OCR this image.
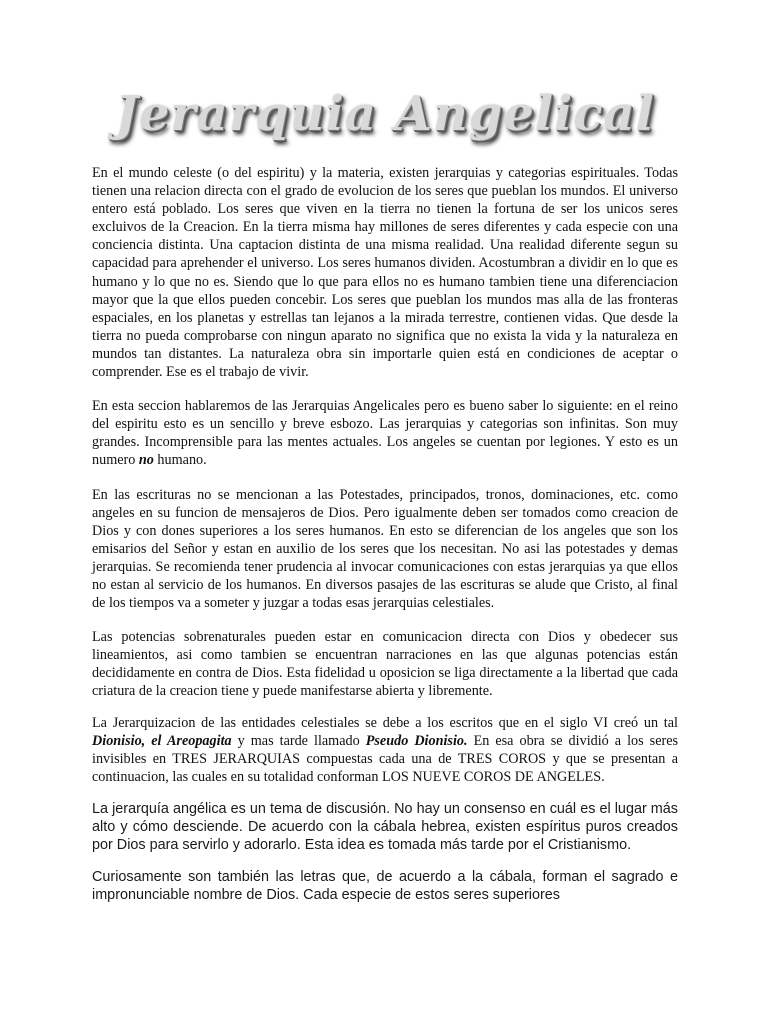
Jerarquia Angelical

En el mundo celeste (o del espiritu) y la materia, existen jerarquias y categorias espirituales. Todas tienen una relacion directa con el grado de evolucion de los seres que pueblan los mundos. El universo entero está poblado. Los seres que viven en la tierra no tienen la fortuna de ser los unicos seres excluivos de la Creacion. En la tierra misma hay millones de seres diferentes y cada especie con una conciencia distinta. Una captacion distinta de una misma realidad. Una realidad diferente segun su capacidad para aprehender el universo. Los seres humanos dividen. Acostumbran a dividir en lo que es humano y lo que no es. Siendo que lo que para ellos no es humano tambien tiene una diferenciacion mayor que la que ellos pueden concebir. Los seres que pueblan los mundos mas alla de las fronteras espaciales, en los planetas y estrellas tan lejanos a la mirada terrestre, contienen vidas. Que desde la tierra no pueda comprobarse con ningun aparato no significa que no exista la vida y la naturaleza en mundos tan distantes. La naturaleza obra sin importarle quien está en condiciones de aceptar o comprender. Ese es el trabajo de vivir.

En esta seccion hablaremos de las Jerarquias Angelicales pero es bueno saber lo siguiente: en el reino del espiritu esto es un sencillo y breve esbozo. Las jerarquias y categorias son infinitas. Son muy grandes. Incomprensible para las mentes actuales. Los angeles se cuentan por legiones. Y esto es un numero no humano.

En las escrituras no se mencionan a las Potestades, principados, tronos, dominaciones, etc. como angeles en su funcion de mensajeros de Dios. Pero igualmente deben ser tomados como creacion de Dios y con dones superiores a los seres humanos. En esto se diferencian de los angeles que son los emisarios del Señor y estan en auxilio de los seres que los necesitan. No asi las potestades y demas jerarquias. Se recomienda tener prudencia al invocar comunicaciones con estas jerarquias ya que ellos no estan al servicio de los humanos. En diversos pasajes de las escrituras se alude que Cristo, al final de los tiempos va a someter y juzgar a todas esas jerarquias celestiales.

Las potencias sobrenaturales pueden estar en comunicacion directa con Dios y obedecer sus lineamientos, asi como tambien se encuentran narraciones en las que algunas potencias están decididamente en contra de Dios. Esta fidelidad u oposicion se liga directamente a la libertad que cada criatura de la creacion tiene y puede manifestarse abierta y libremente.

La Jerarquizacion de las entidades celestiales se debe a los escritos que en el siglo VI creó un tal Dionisio, el Areopagita y mas tarde llamado Pseudo Dionisio. En esa obra se dividió a los seres invisibles en TRES JERARQUIAS compuestas cada una de TRES COROS y que se presentan a continuacion, las cuales en su totalidad conforman LOS NUEVE COROS DE ANGELES.

La jerarquía angélica es un tema de discusión. No hay un consenso en cuál es el lugar más alto y cómo desciende. De acuerdo con la cábala hebrea, existen espíritus puros creados por Dios para servirlo y adorarlo. Esta idea es tomada más tarde por el Cristianismo.

Curiosamente son también las letras que, de acuerdo a la cábala, forman el sagrado e impronunciable nombre de Dios. Cada especie de estos seres superiores
